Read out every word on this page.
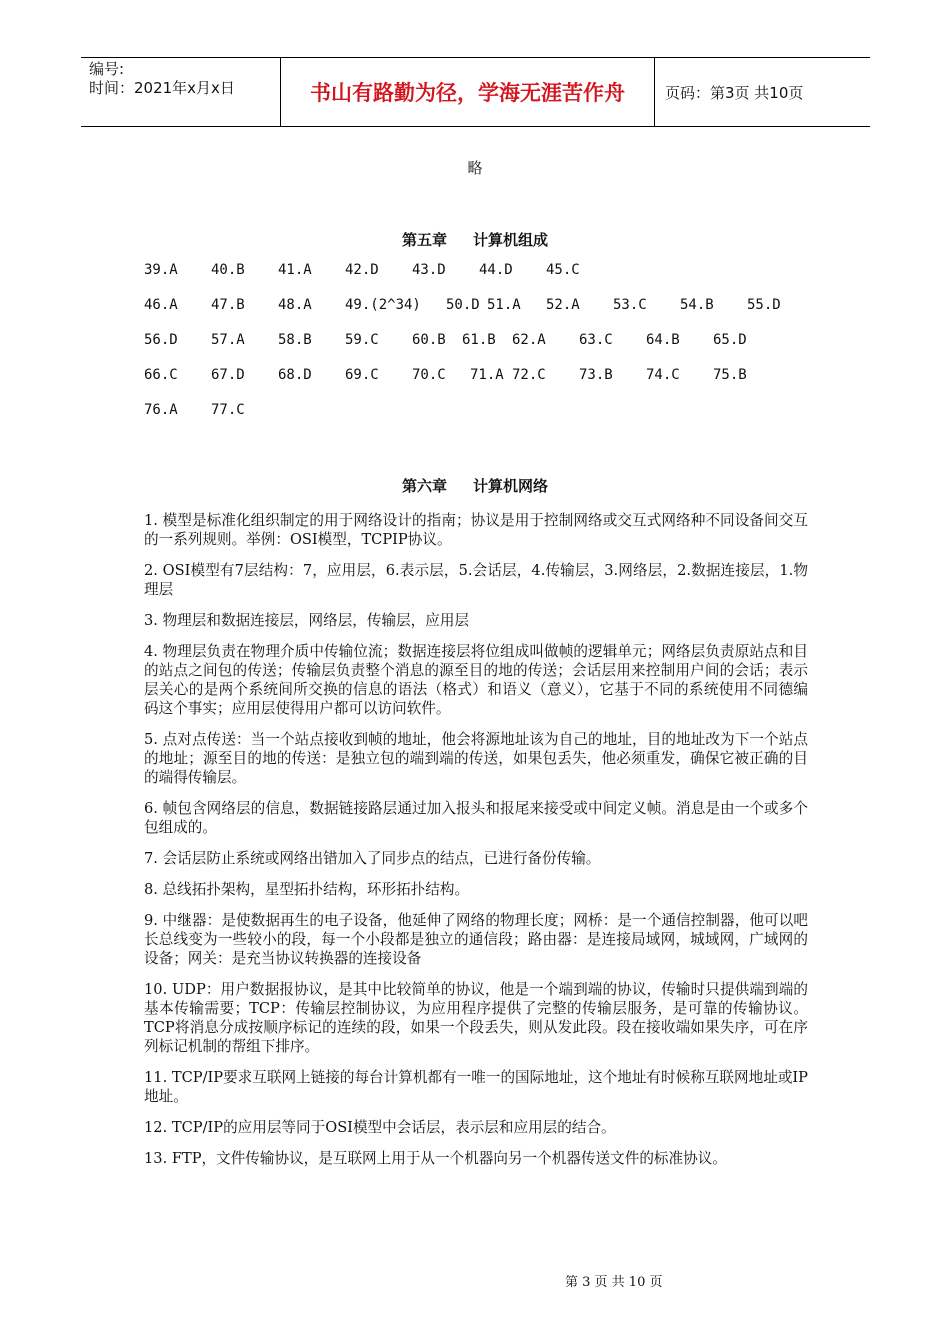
编号:
时间：2021年x月x日	书山有路勤为径，学海无涯苦作舟	页码：第3页 共10页
略
第五章 计算机组成
39.A 40.B 41.A 42.D 43.D 44.D 45.C
46.A 47.B 48.A 49.(2^34) 50.D 51.A 52.A 53.C 54.B 55.D
56.D 57.A 58.B 59.C 60.B 61.B 62.A 63.C 64.B 65.D
66.C 67.D 68.D 69.C 70.C 71.A 72.C 73.B 74.C 75.B
76.A 77.C
第六章 计算机网络

1. 模型是标准化组织制定的用于网络设计的指南；协议是用于控制网络或交互式网络种不同设备间交互的一系列规则。举例：OSI模型，TCPIP协议。

2. OSI模型有7层结构：7，应用层，6.表示层，5.会话层，4.传输层，3.网络层，2.数据连接层，1.物理层

3. 物理层和数据连接层，网络层，传输层，应用层

4. 物理层负责在物理介质中传输位流；数据连接层将位组成叫做帧的逻辑单元；网络层负责原站点和目的站点之间包的传送；传输层负责整个消息的源至目的地的传送；会话层用来控制用户间的会话；表示层关心的是两个系统间所交换的信息的语法（格式）和语义（意义），它基于不同的系统使用不同德编码这个事实；应用层使得用户都可以访问软件。

5. 点对点传送：当一个站点接收到帧的地址，他会将源地址该为自己的地址，目的地址改为下一个站点的地址；源至目的地的传送：是独立包的端到端的传送，如果包丢失，他必须重发，确保它被正确的目的端得传输层。

6. 帧包含网络层的信息，数据链接路层通过加入报头和报尾来接受或中间定义帧。消息是由一个或多个包组成的。

7. 会话层防止系统或网络出错加入了同步点的结点，已进行备份传输。

8. 总线拓扑架构，星型拓扑结构，环形拓扑结构。

9. 中继器：是使数据再生的电子设备，他延伸了网络的物理长度；网桥：是一个通信控制器，他可以吧长总线变为一些较小的段，每一个小段都是独立的通信段；路由器：是连接局域网，城域网，广域网的设备；网关：是充当协议转换器的连接设备

10. UDP：用户数据报协议，是其中比较简单的协议，他是一个端到端的协议，传输时只提供端到端的基本传输需要；TCP：传输层控制协议，为应用程序提供了完整的传输层服务，是可靠的传输协议。TCP将消息分成按顺序标记的连续的段，如果一个段丢失，则从发此段。段在接收端如果失序，可在序列标记机制的帮组下排序。

11. TCP/IP要求互联网上链接的每台计算机都有一唯一的国际地址，这个地址有时候称互联网地址或IP地址。

12. TCP/IP的应用层等同于OSI模型中会话层，表示层和应用层的结合。

13. FTP，文件传输协议，是互联网上用于从一个机器向另一个机器传送文件的标准协议。

第 3 页 共 10 页
